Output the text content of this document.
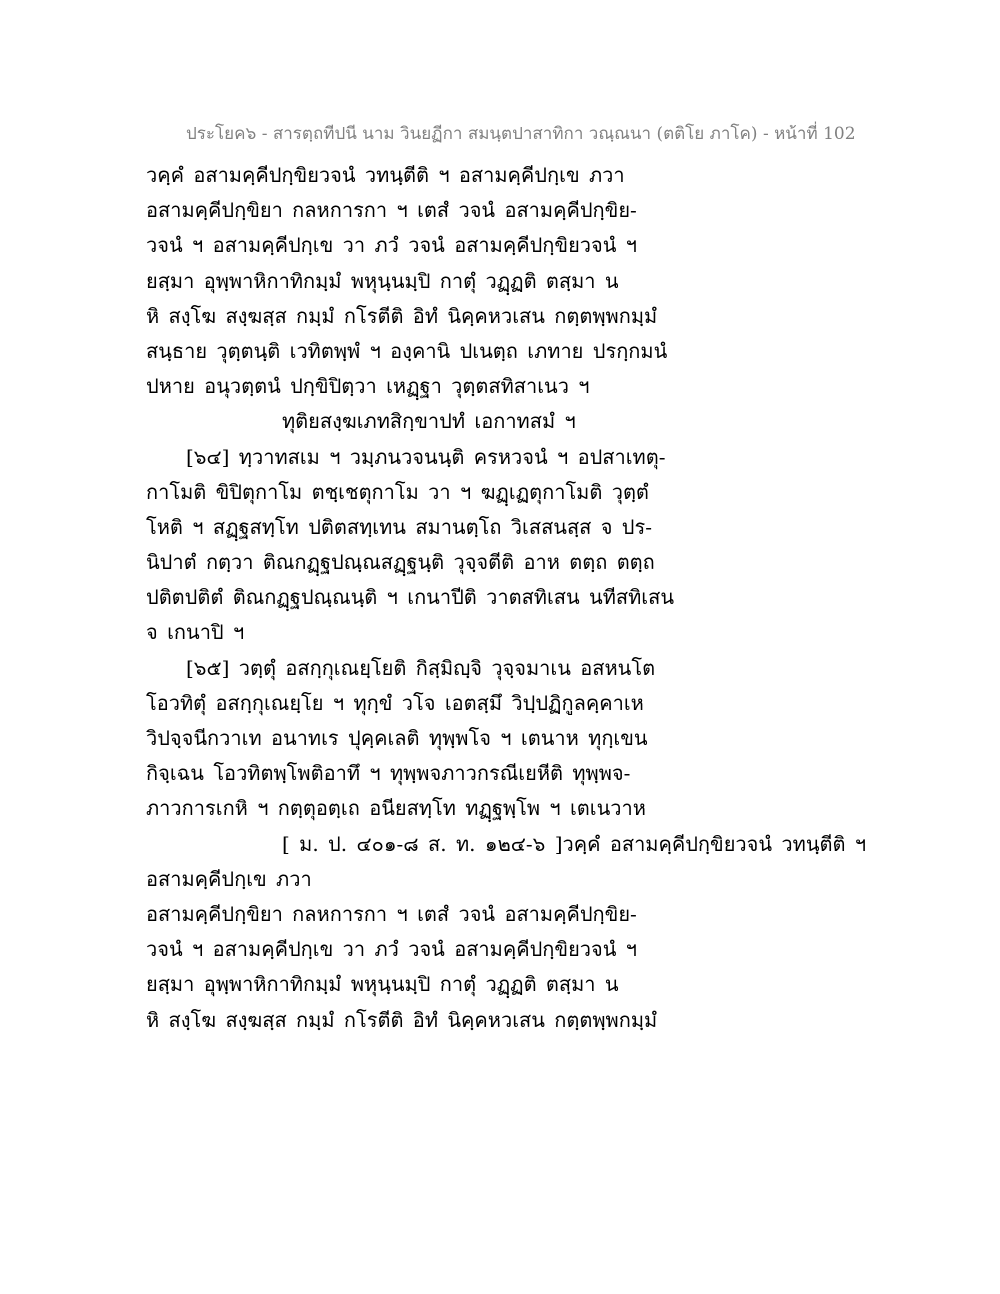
ประโยค๖ - สารตฺถทีปนี นาม วินยฏีกา สมนฺตปาสาทิกา วณฺณนา (ตติโย ภาโค) - หน้าที่ 102
วคฺคํ อสามคฺคีปกฺขิยวจนํ วทนฺตีติ ฯ อสามคฺคีปกฺเข ภวา
อสามคฺคีปกฺขิยา กลหการกา ฯ เตสํ วจนํ อสามคฺคีปกฺขิย-
วจนํ ฯ อสามคฺคีปกฺเข วา ภวํ วจนํ อสามคฺคีปกฺขิยวจนํ ฯ
ยสฺมา อุพฺพาหิกาทิกมฺมํ พหุนฺนมฺปิ กาตุํ วฏฺฏติ ตสฺมา น
หิ สงฺโฆ สงฺฆสฺส กมฺมํ กโรตีติ อิทํ นิคฺคหวเสน กตฺตพฺพกมฺมํ
สนฺธาย วุตฺตนฺติ เวทิตพฺพํ ฯ องฺคานิ ปเนตฺถ เภทาย ปรกฺกมนํ
ปหาย อนุวตฺตนํ ปกฺขิปิตฺวา เหฏฺฐา วุตฺตสทิสาเนว ฯ
ทุติยสงฺฆเภทสิกฺขาปทํ เอกาทสมํ ฯ
[๖๔] ทฺวาทสเม ฯ วมฺภนวจนนฺติ ครหวจนํ ฯ อปสาเทตุ-
กาโมติ ขิปิตุกาโม ตชฺเชตุกาโม วา ฯ ฆฏฺเฏตุกาโมติ วุตฺตํ
โหติ ฯ สฏฺฐสทฺโท ปติตสทฺเทน สมานตฺโถ วิเสสนสฺส จ ปร-
นิปาตํ กตฺวา ติณกฏฺฐปณฺณสฏฺฐนฺติ วุจฺจตีติ อาห ตตฺถ ตตฺถ
ปติตปติตํ ติณกฏฺฐปณฺณนฺติ ฯ เกนาปีติ วาตสทิเสน นทีสทิเสน
จ เกนาปิ ฯ
[๖๕] วตฺตุํ อสกฺกุเณยฺโยติ กิสฺมิญฺจิ วุจฺจมาเน อสหนโต
โอวทิตุํ อสกฺกุเณยฺโย ฯ ทุกฺขํ วโจ เอตสฺมึ วิปฺปฏิกูลคฺคาเห
วิปจฺจนีกวาเท อนาทเร ปุคฺคเลติ ทุพฺพโจ ฯ เตนาห ทุกฺเขน
กิจฺเฉน โอวทิตพฺโพติอาทึ ฯ ทุพฺพจภาวกรณีเยหีติ ทุพฺพจ-
ภาวการเกหิ ฯ กตฺตุอตฺเถ อนียสทฺโท ทฏฺฐพฺโพ ฯ เตเนวาห
[ ม. ป. ๔๐๑-๘ ส. ท. ๑๒๔-๖ ]วคฺคํ อสามคฺคีปกฺขิยวจนํ วทนฺตีติ ฯ
อสามคฺคีปกฺเข ภวา
อสามคฺคีปกฺขิยา กลหการกา ฯ เตสํ วจนํ อสามคฺคีปกฺขิย-
วจนํ ฯ อสามคฺคีปกฺเข วา ภวํ วจนํ อสามคฺคีปกฺขิยวจนํ ฯ
ยสฺมา อุพฺพาหิกาทิกมฺมํ พหุนฺนมฺปิ กาตุํ วฏฺฏติ ตสฺมา น
หิ สงฺโฆ สงฺฆสฺส กมฺมํ กโรตีติ อิทํ นิคฺคหวเสน กตฺตพฺพกมฺมํ
